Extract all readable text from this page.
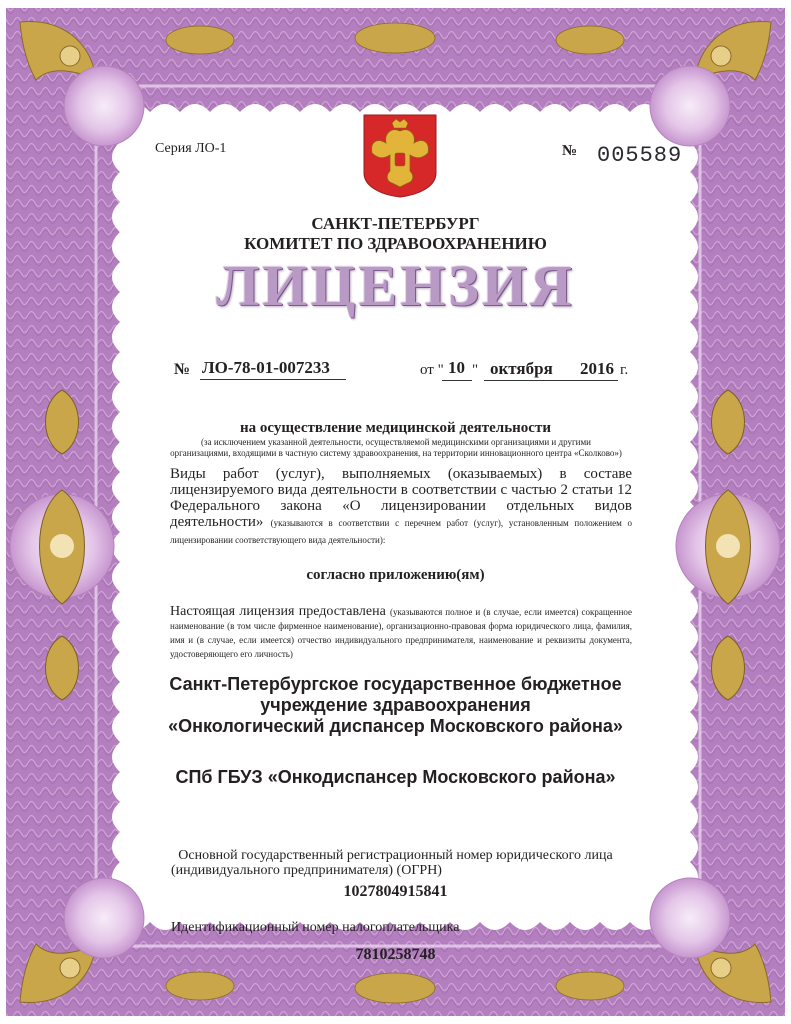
Серия ЛО-1	№ 005589
САНКТ-ПЕТЕРБУРГ
КОМИТЕТ ПО ЗДРАВООХРАНЕНИЮ
ЛИЦЕНЗИЯ
№ ЛО-78-01-007233	от " 10 " октября 2016 г.
на осуществление медицинской деятельности
(за исключением указанной деятельности, осуществляемой медицинскими организациями и другими организациями, входящими в частную систему здравоохранения, на территории инновационного центра «Сколково»)
Виды работ (услуг), выполняемых (оказываемых) в составе лицензируемого вида деятельности в соответствии с частью 2 статьи 12 Федерального закона «О лицензировании отдельных видов деятельности» (указываются в соответствии с перечнем работ (услуг), установленным положением о лицензировании соответствующего вида деятельности):
согласно приложению(ям)
Настоящая лицензия предоставлена (указываются полное и (в случае, если имеется) сокращенное наименование (в том числе фирменное наименование), организационно-правовая форма юридического лица, фамилия, имя и (в случае, если имеется) отчество индивидуального предпринимателя, наименование и реквизиты документа, удостоверяющего его личность)
Санкт-Петербургское государственное бюджетное
учреждение здравоохранения
«Онкологический диспансер Московского района»
СПб ГБУЗ «Онкодиспансер Московского района»
Основной государственный регистрационный номер юридического лица
(индивидуального предпринимателя) (ОГРН)
1027804915841
Идентификационный номер налогоплательщика
7810258748
